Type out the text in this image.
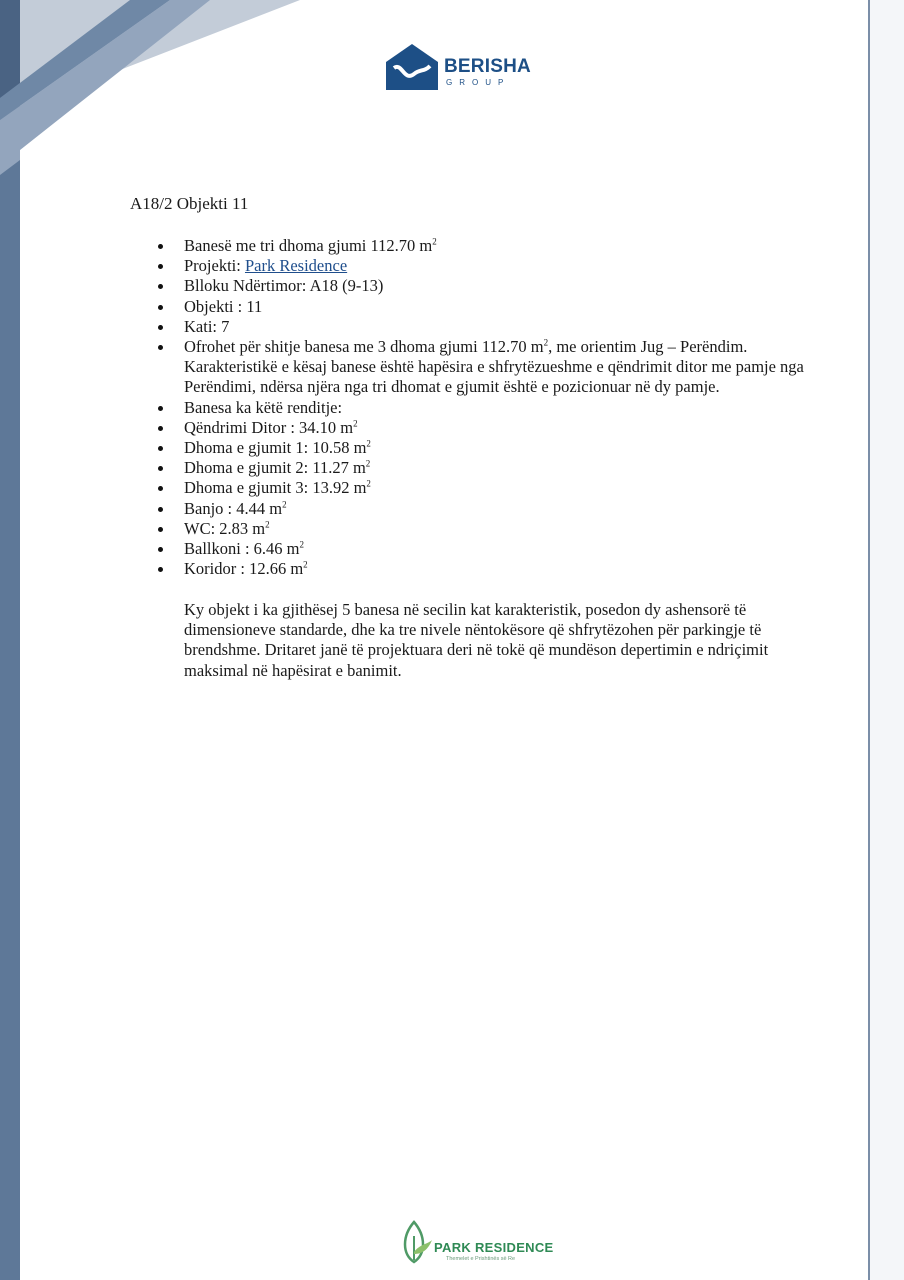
BERISHA
GROUP
A18/2 Objekti 11
Banesë me tri dhoma gjumi 112.70 $m^2$
Projekti: Park Residence
Blloku Ndërtimor: A18 (9-13)
Objekti : 11
Kati: 7
Ofrohet për shitje banesa me 3 dhoma gjumi 112.70 $m^2$, me orientim Jug – Perëndim. Karakteristikë e kësaj banese është hapësira e shfrytëzueshme e qëndrimit ditor me pamje nga Perëndimi, ndërsa njëra nga tri dhomat e gjumit është e pozicionuar në dy pamje.
Banesa ka këtë renditje:
Qëndrimi Ditor : 34.10 $m^2$
Dhoma e gjumit 1: 10.58 $m^2$
Dhoma e gjumit 2: 11.27 $m^2$
Dhoma e gjumit 3: 13.92 $m^2$
Banjo : 4.44 $m^2$
WC: 2.83 $m^2$
Ballkoni : 6.46 $m^2$
Koridor : 12.66 $m^2$

Ky objekt i ka gjithësej 5 banesa në secilin kat karakteristik, posedon dy ashensorë të dimensioneve standarde, dhe ka tre nivele nëntokësore që shfrytëzohen për parkingje të brendshme. Dritaret janë të projektuara deri në tokë që mundëson depertimin e ndriçimit maksimal në hapësirat e banimit.

PARK RESIDENCE
Themelet e Prishtinës së Re
